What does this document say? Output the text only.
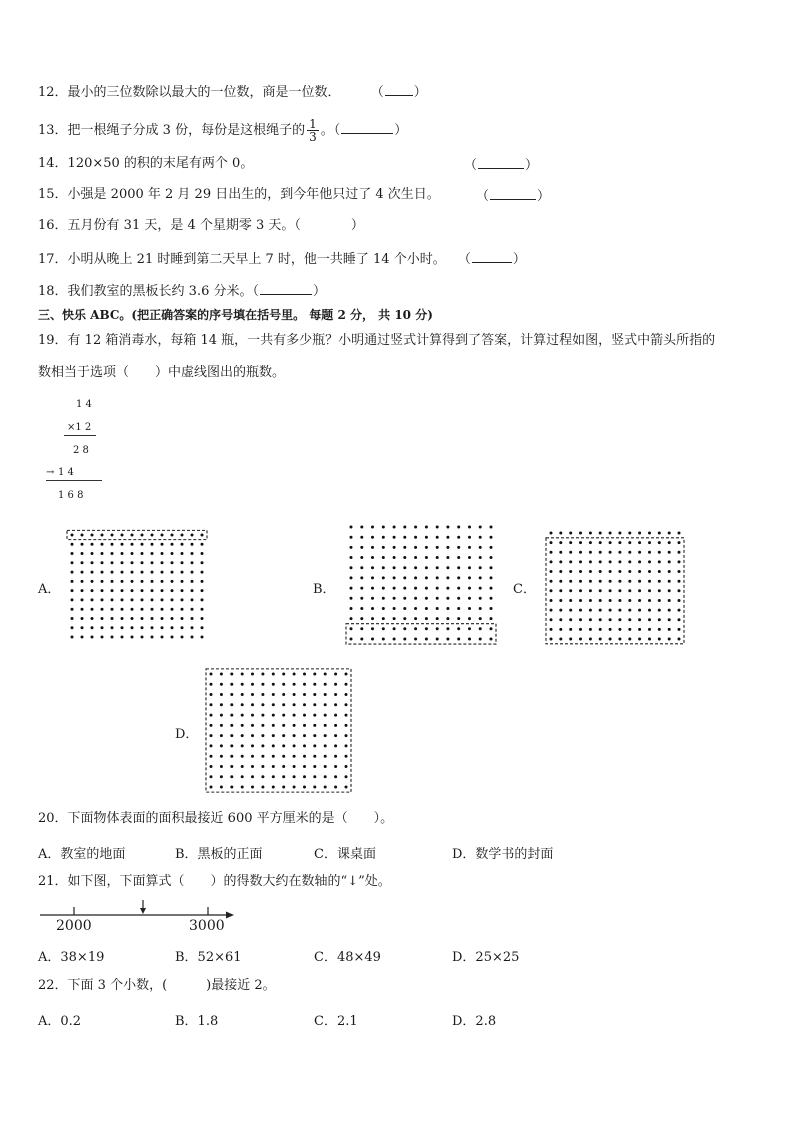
12．最小的三位数除以最大的一位数，商是一位数． （ ）
13．把一根绳子分成 3 份，每份是这根绳子的 $\frac{1}{3}$ 。（	）
14．120×50 的积的末尾有两个 0。	（	）
15．小强是 2000 年 2 月 29 日出生的，到今年他只过了 4 次生日。	（	）
16．五月份有 31 天，是 4 个星期零 3 天。（	）
17．小明从晚上 21 时睡到第二天早上 7 时，他一共睡了 14 个小时。 （	）
18．我们教室的黑板长约 3.6 分米。（	）
三、快乐 ABC。(把正确答案的序号填在括号里。 每题 2 分， 共 10 分)
19．有 12 箱消毒水，每箱 14 瓶，一共有多少瓶？小明通过竖式计算得到了答案，计算过程如图，竖式中箭头所指的
数相当于选项（　　）中虚线图出的瓶数。
1 4
×1 2
2 8
→ 1 4
1 6 8
A．	B．	C．
D．
20．下面物体表面的面积最接近 600 平方厘米的是（　　）。
A．教室的地面	B．黑板的正面	C．课桌面	D．数学书的封面
21．如下图，下面算式（　　）的得数大约在数轴的“↓”处。
2000	3000
A．38×19	B．52×61	C．48×49	D．25×25
22．下面 3 个小数，(　　　)最接近 2。
A．0.2	B．1.8	C．2.1	D．2.8
